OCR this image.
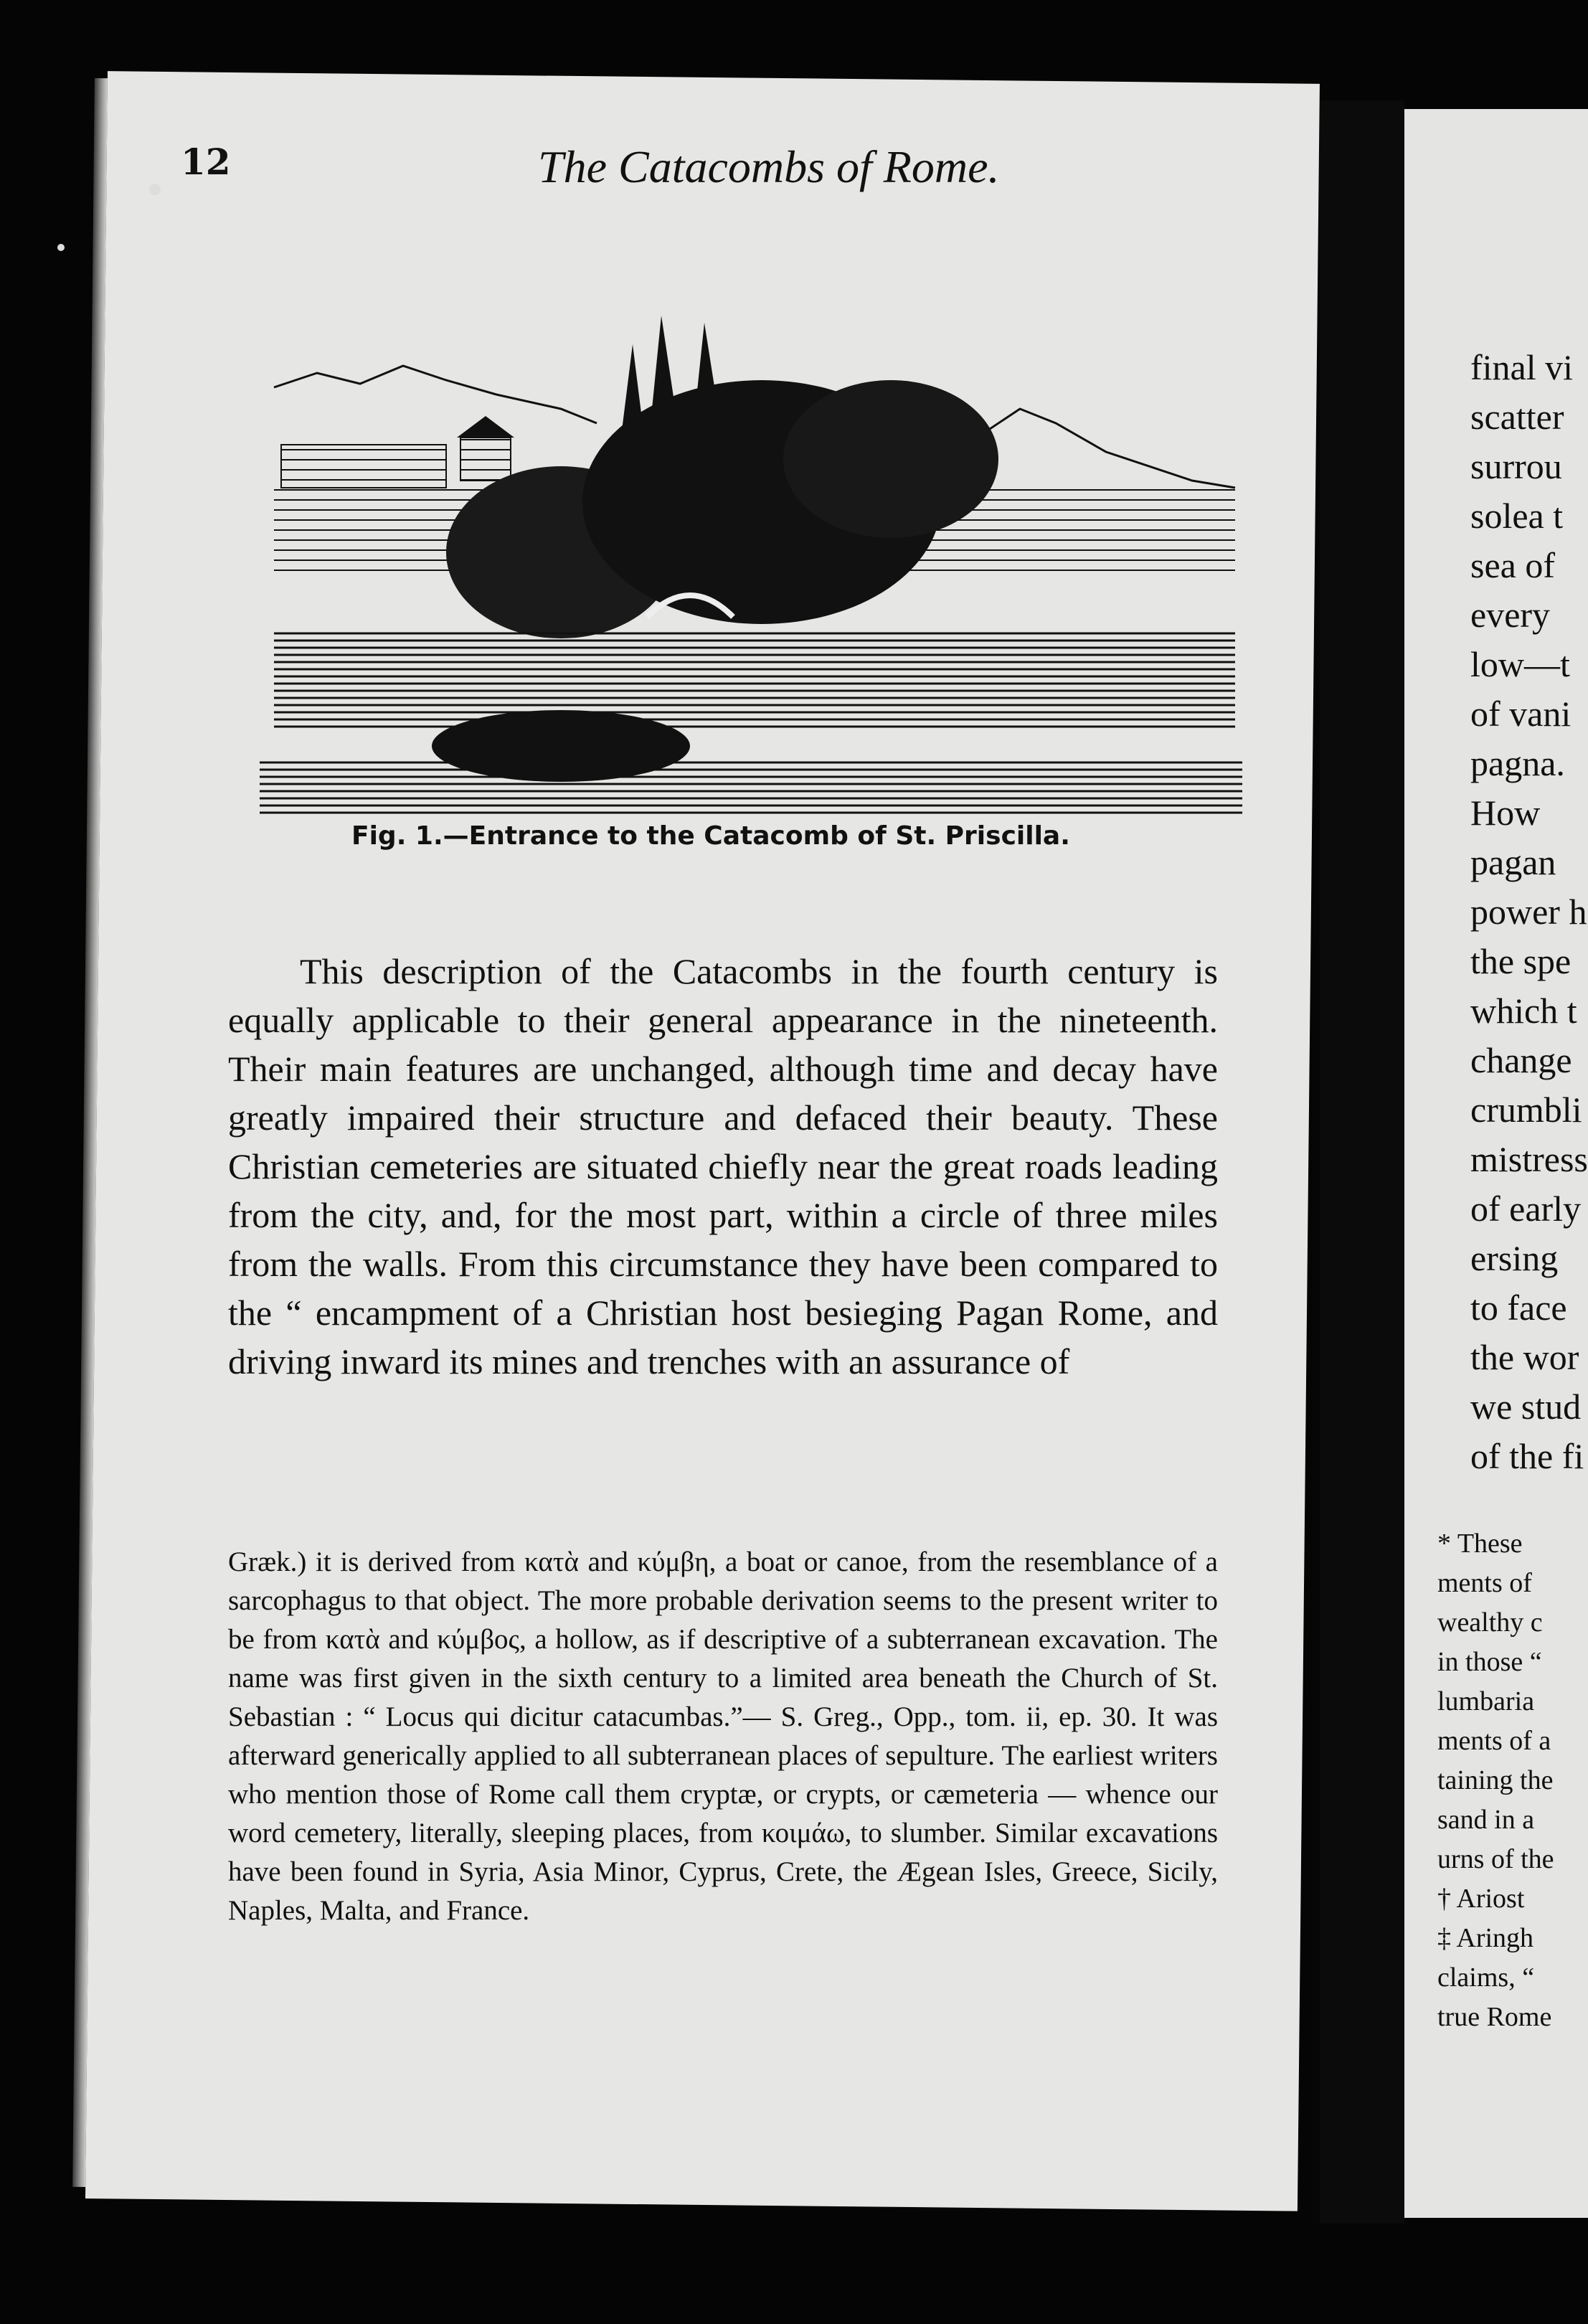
12	The Catacombs of Rome.
Fig. 1.—Entrance to the Catacomb of St. Priscilla.

This description of the Catacombs in the fourth century is equally applicable to their general appearance in the nineteenth. Their main features are unchanged, although time and decay have greatly impaired their structure and defaced their beauty. These Christian cemeteries are situated chiefly near the great roads leading from the city, and, for the most part, within a circle of three miles from the walls. From this circumstance they have been compared to the “ encampment of a Christian host besieging Pagan Rome, and driving inward its mines and trenches with an assurance of

Græk.) it is derived from κατὰ and κύμβη, a boat or canoe, from the resemblance of a sarcophagus to that object. The more probable derivation seems to the present writer to be from κατὰ and κύμβος, a hollow, as if descriptive of a subterranean excavation. The name was first given in the sixth century to a limited area beneath the Church of St. Sebastian : “ Locus qui dicitur catacumbas.”— S. Greg., Opp., tom. ii, ep. 30. It was afterward generically applied to all subterranean places of sepulture. The earliest writers who mention those of Rome call them cryptæ, or crypts, or cæmeteria — whence our word cemetery, literally, sleeping places, from κοιμάω, to slumber. Similar excavations have been found in Syria, Asia Minor, Cyprus, Crete, the Ægean Isles, Greece, Sicily, Naples, Malta, and France.

final vi
scatter
surrou
solea t
sea of
every
low—t
of vani
pagna.
How
pagan
power h
the spe
which t
change
crumbli
mistress
of early
ersing
to face
the wor
we stud
of the fi
* These
ments of
wealthy c
in those “
lumbaria
ments of a
taining the
sand in a
urns of the
† Ariost
‡ Aringh
claims, “
true Rome
